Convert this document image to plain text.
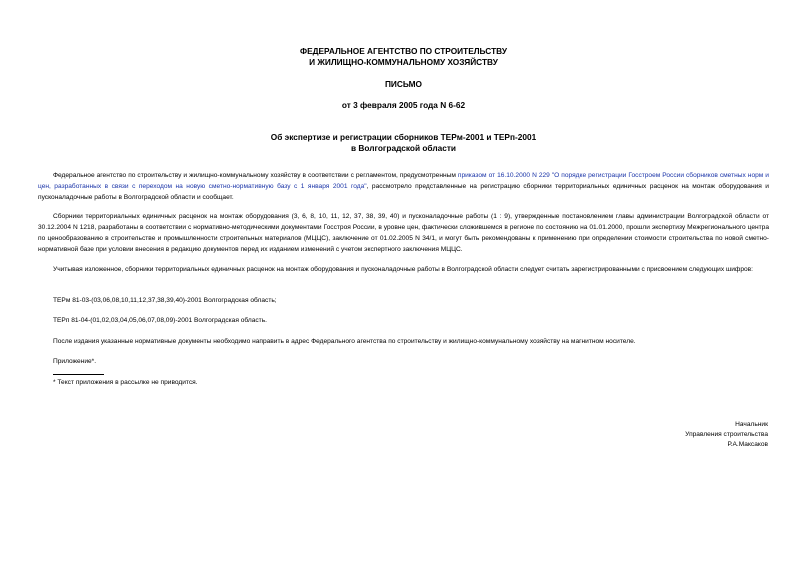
ФЕДЕРАЛЬНОЕ АГЕНТСТВО ПО СТРОИТЕЛЬСТВУ
И ЖИЛИЩНО-КОММУНАЛЬНОМУ ХОЗЯЙСТВУ
ПИСЬМО
от 3 февраля 2005 года N 6-62
Об экспертизе и регистрации сборников ТЕРм-2001 и ТЕРп-2001
в Волгоградской области
Федеральное агентство по строительству и жилищно-коммунальному хозяйству в соответствии с регламентом, предусмотренным приказом от 16.10.2000 N 229 "О порядке регистрации Госстроем России сборников сметных норм и цен, разработанных в связи с переходом на новую сметно-нормативную базу с 1 января 2001 года", рассмотрело представленные на регистрацию сборники территориальных единичных расценок на монтаж оборудования и пусконаладочные работы в Волгоградской области и сообщает.
Сборники территориальных единичных расценок на монтаж оборудования (3, 6, 8, 10, 11, 12, 37, 38, 39, 40) и пусконаладочные работы (1 : 9), утвержденные постановлением главы администрации Волгоградской области от 30.12.2004 N 1218, разработаны в соответствии с нормативно-методическими документами Госстроя России, в уровне цен, фактически сложившемся в регионе по состоянию на 01.01.2000, прошли экспертизу Межрегионального центра по ценообразованию в строительстве и промышленности строительных материалов (МЦЦС), заключение от 01.02.2005 N 34/1, и могут быть рекомендованы к применению при определении стоимости строительства по новой сметно-нормативной базе при условии внесения в редакцию документов перед их изданием изменений с учетом экспертного заключения МЦЦС.
Учитывая изложенное, сборники территориальных единичных расценок на монтаж оборудования и пусконаладочные работы в Волгоградской области следует считать зарегистрированными с присвоением следующих шифров:
ТЕРм 81-03-(03,06,08,10,11,12,37,38,39,40)-2001 Волгоградская область;
ТЕРп 81-04-(01,02,03,04,05,06,07,08,09)-2001 Волгоградская область.
После издания указанные нормативные документы необходимо направить в адрес Федерального агентства по строительству и жилищно-коммунальному хозяйству на магнитном носителе.
Приложение*.
* Текст приложения в рассылке не приводится.
Начальник
Управления строительства
Р.А.Максаков
